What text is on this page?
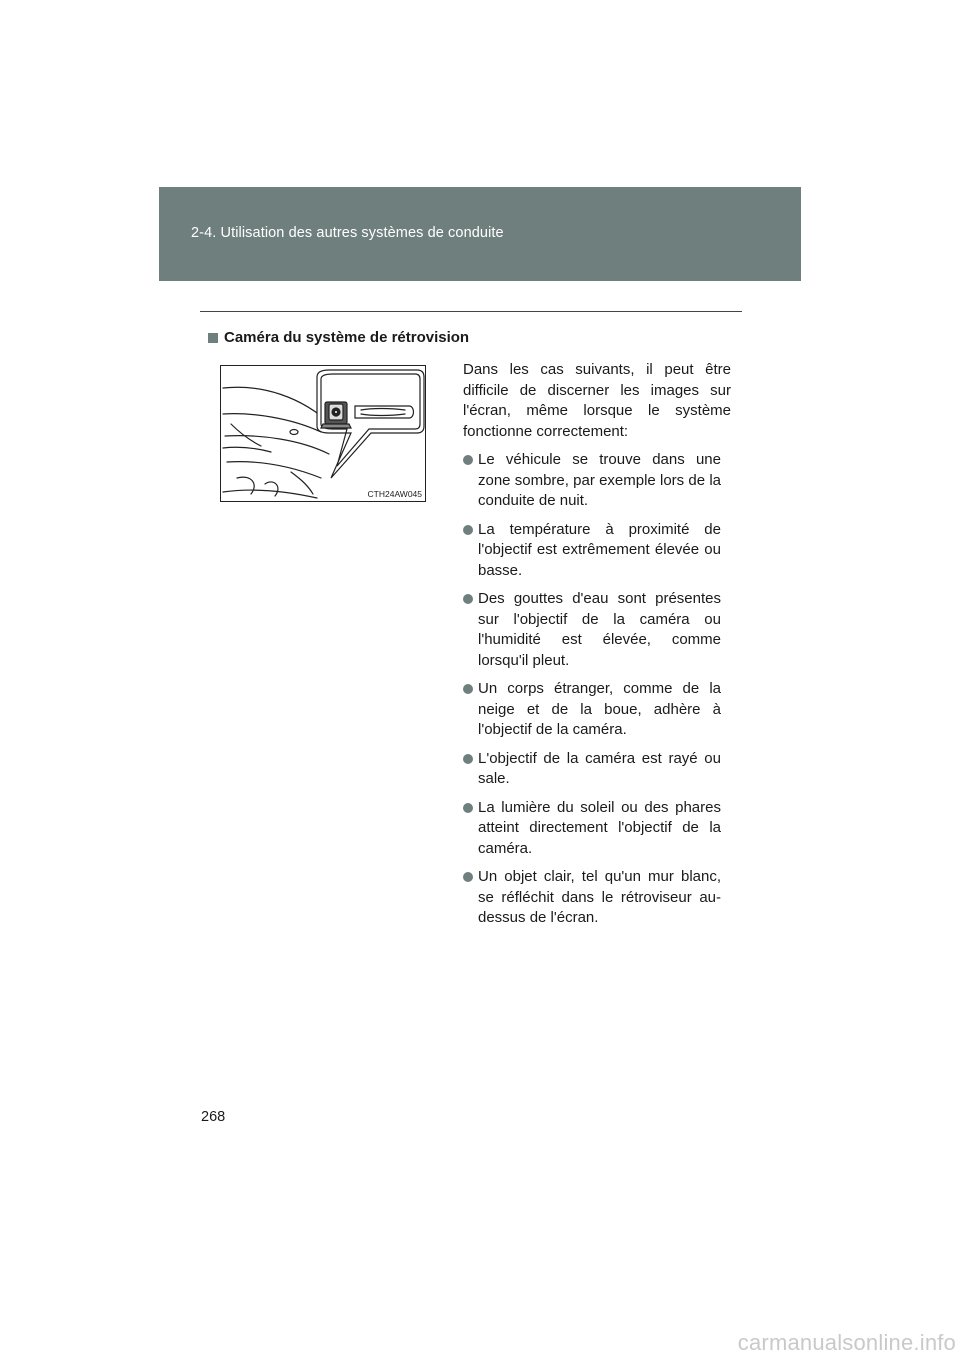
2-4. Utilisation des autres systèmes de conduite
Caméra du système de rétrovision
CTH24AW045

Dans les cas suivants, il peut être difficile de discerner les images sur l'écran, même lorsque le système fonctionne correctement:

Le véhicule se trouve dans une zone sombre, par exemple lors de la conduite de nuit.
La température à proximité de l'objectif est extrêmement élevée ou basse.
Des gouttes d'eau sont présentes sur l'objectif de la caméra ou l'humidité est élevée, comme lorsqu'il pleut.
Un corps étranger, comme de la neige et de la boue, adhère à l'objectif de la caméra.
L'objectif de la caméra est rayé ou sale.
La lumière du soleil ou des phares atteint directement l'objectif de la caméra.
Un objet clair, tel qu'un mur blanc, se réfléchit dans le rétroviseur au-dessus de l'écran.
268
carmanualsonline.info
